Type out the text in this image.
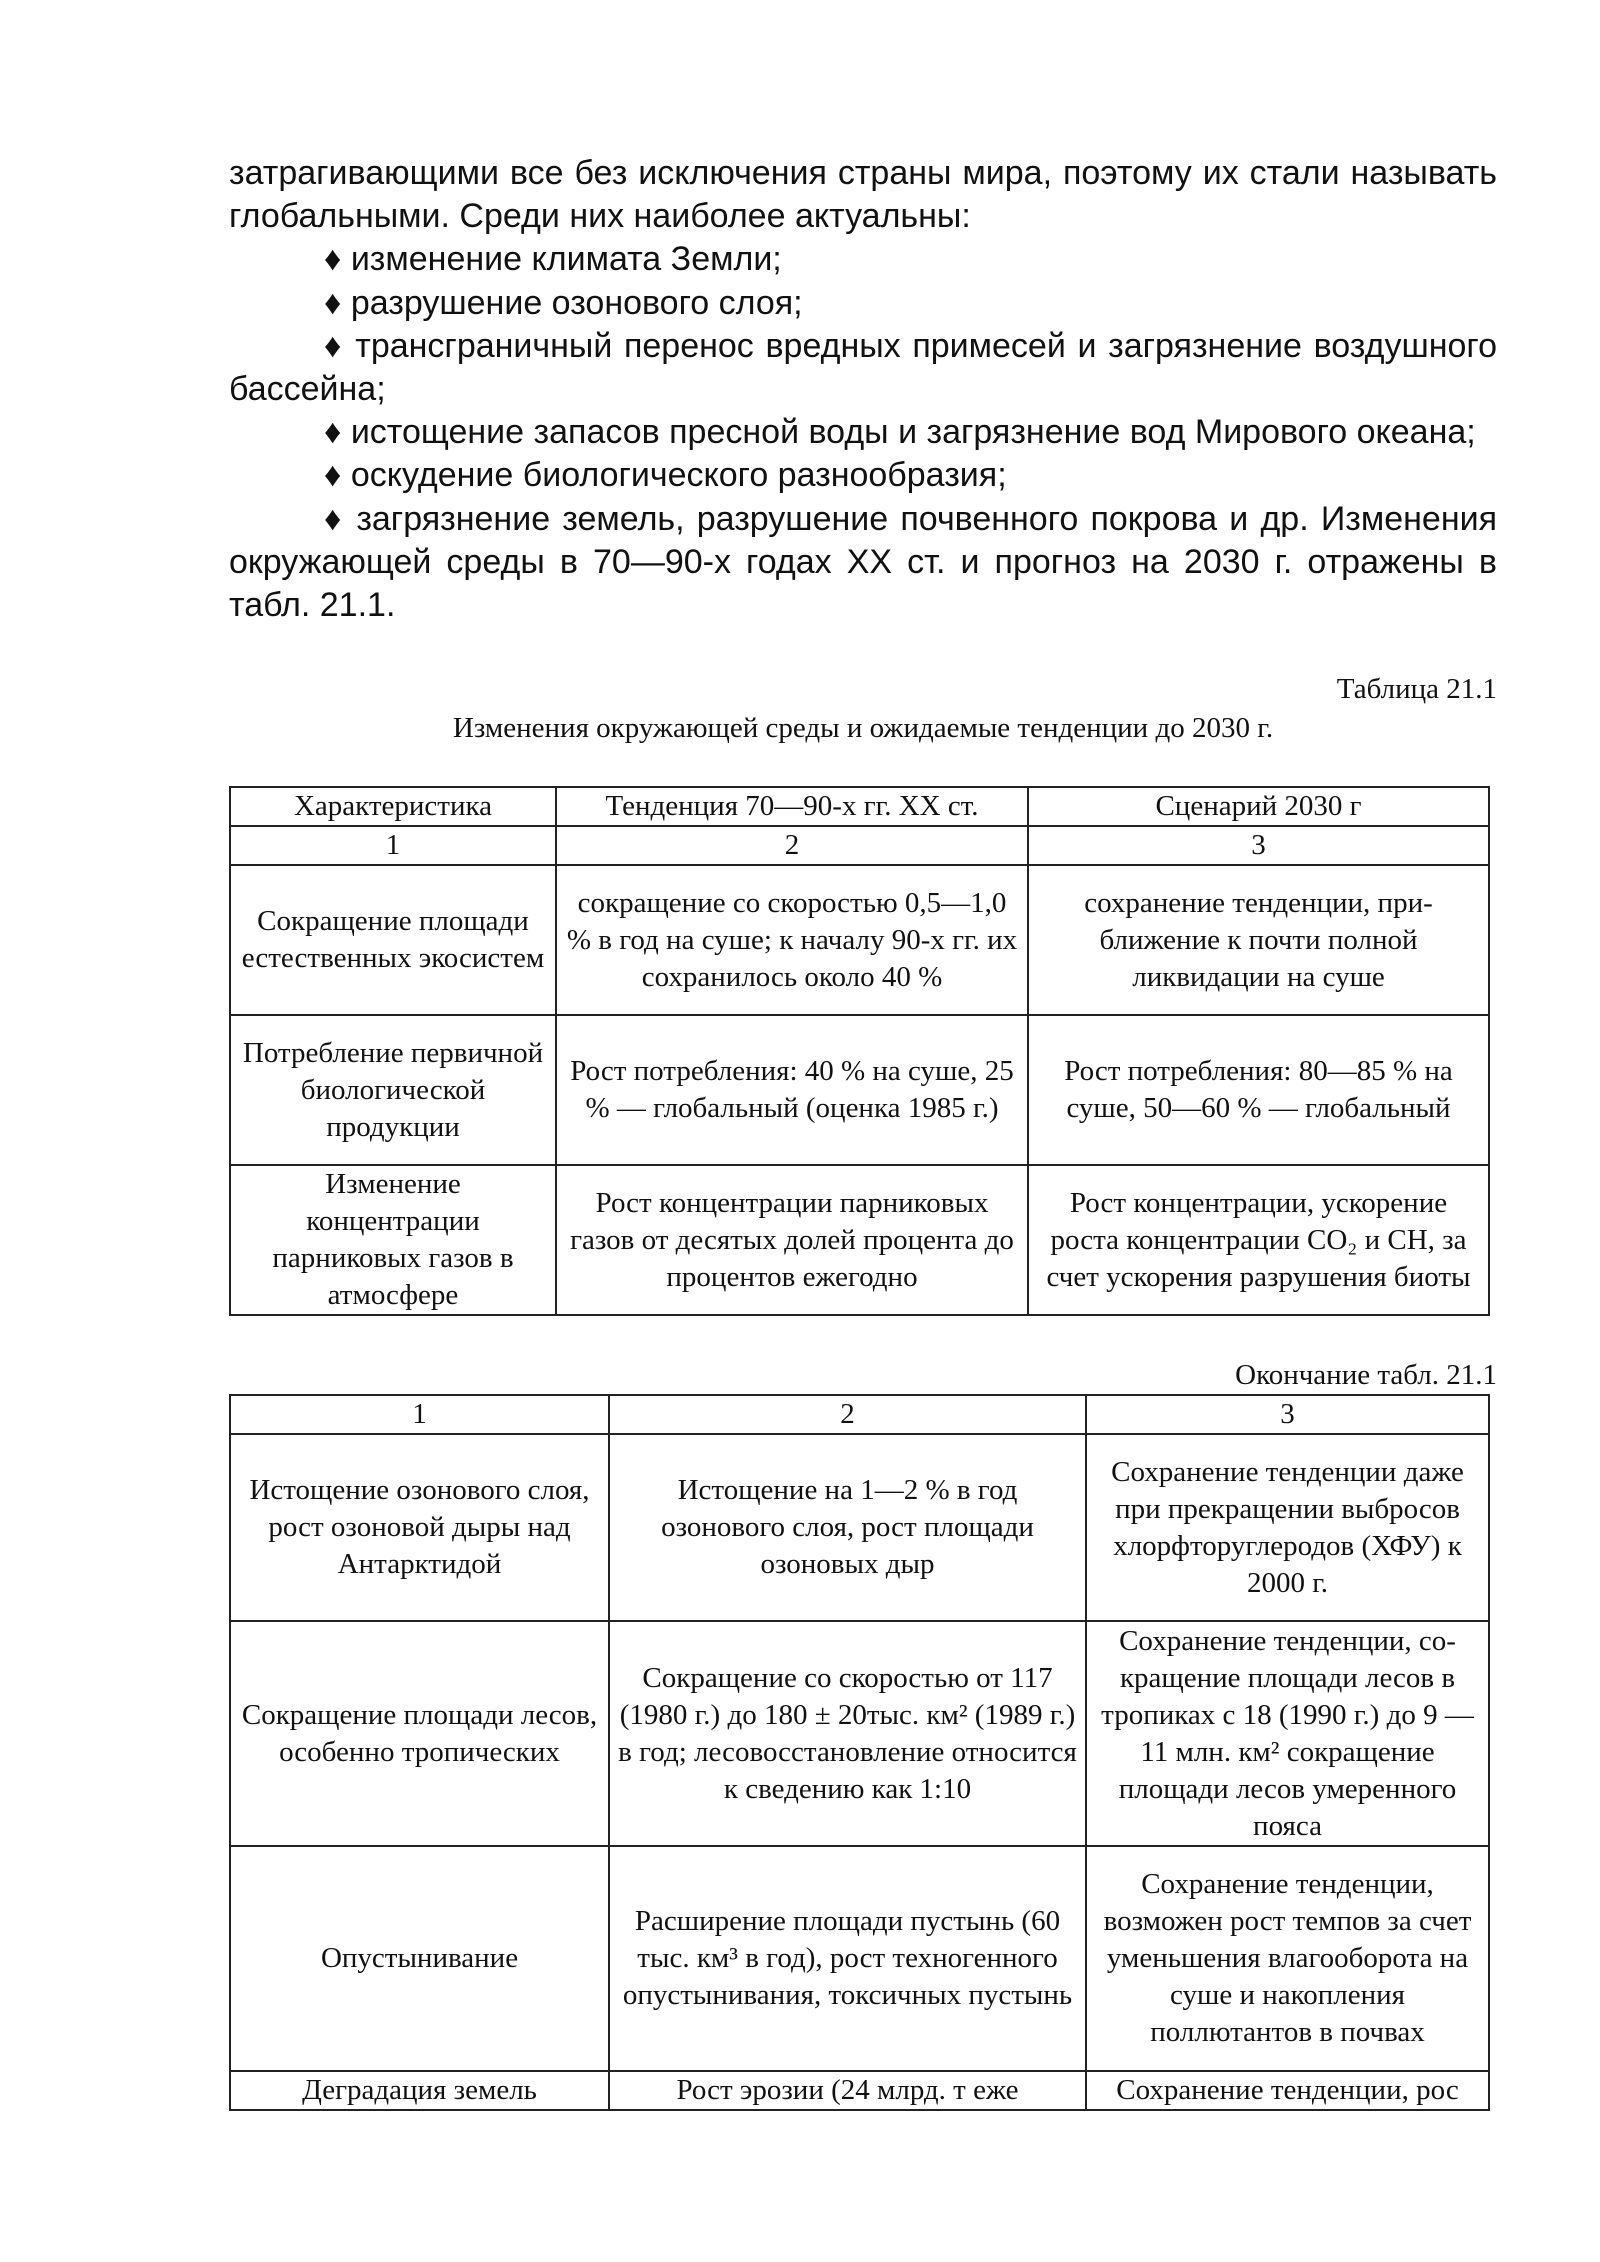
затрагивающими все без исключения страны мира, поэтому их стали называть глобальными. Среди них наиболее актуальны:

♦ изменение климата Земли;

♦ разрушение озонового слоя;

♦ трансграничный перенос вредных примесей и загрязнение воздушного бассейна;

♦ истощение запасов пресной воды и загрязнение вод Мирового океана;

♦ оскудение биологического разнообразия;

♦ загрязнение земель, разрушение почвенного покрова и др. Изменения окружающей среды в 70—90-х годах XX ст. и прогноз на 2030 г. отражены в табл. 21.1.

Таблица 21.1
Изменения окружающей среды и ожидаемые тенденции до 2030 г.
Характеристика	Тенденция 70—90-х гг. XX ст.	Сценарий 2030 г
1	2	3
Сокращение площади естественных экосистем	сокращение со скоростью 0,5—1,0 % в год на суше; к началу 90-х гг. их сохранилось около 40 %	сохранение тенденции, при-ближение к почти полной ликвидации на суше
Потребление первичной биологической продукции	Рост потребления: 40 % на суше, 25 % — глобальный (оценка 1985 г.)	Рост потребления: 80—85 % на суше, 50—60 % — глобальный
Изменение концентрации парниковых газов в атмосфере	Рост концентрации парниковых газов от десятых долей процента до процентов ежегодно	Рост концентрации, ускорение роста концентрации СО₂ и СН, за счет ускорения разрушения биоты
Окончание табл. 21.1
1	2	3
Истощение озонового слоя, рост озоновой дыры над Антарктидой	Истощение на 1—2 % в год озонового слоя, рост площади озоновых дыр	Сохранение тенденции даже при прекращении выбросов хлорфторуглеродов (ХФУ) к 2000 г.
Сокращение площади лесов, особенно тропических	Сокращение со скоростью от 117 (1980 г.) до 180 ± 20тыс. км² (1989 г.) в год; лесовосстановление относится к сведению как 1:10	Сохранение тенденции, со-кращение площади лесов в тропиках с 18 (1990 г.) до 9 —11 млн. км² сокращение площади лесов умеренного пояса
Опустынивание	Расширение площади пустынь (60 тыс. км³ в год), рост техногенного опустынивания, токсичных пустынь	Сохранение тенденции, возможен рост темпов за счет уменьшения влагооборота на суше и накопления поллютантов в почвах
Деградация земель	Рост эрозии (24 млрд. т еже	Сохранение тенденции, рос
